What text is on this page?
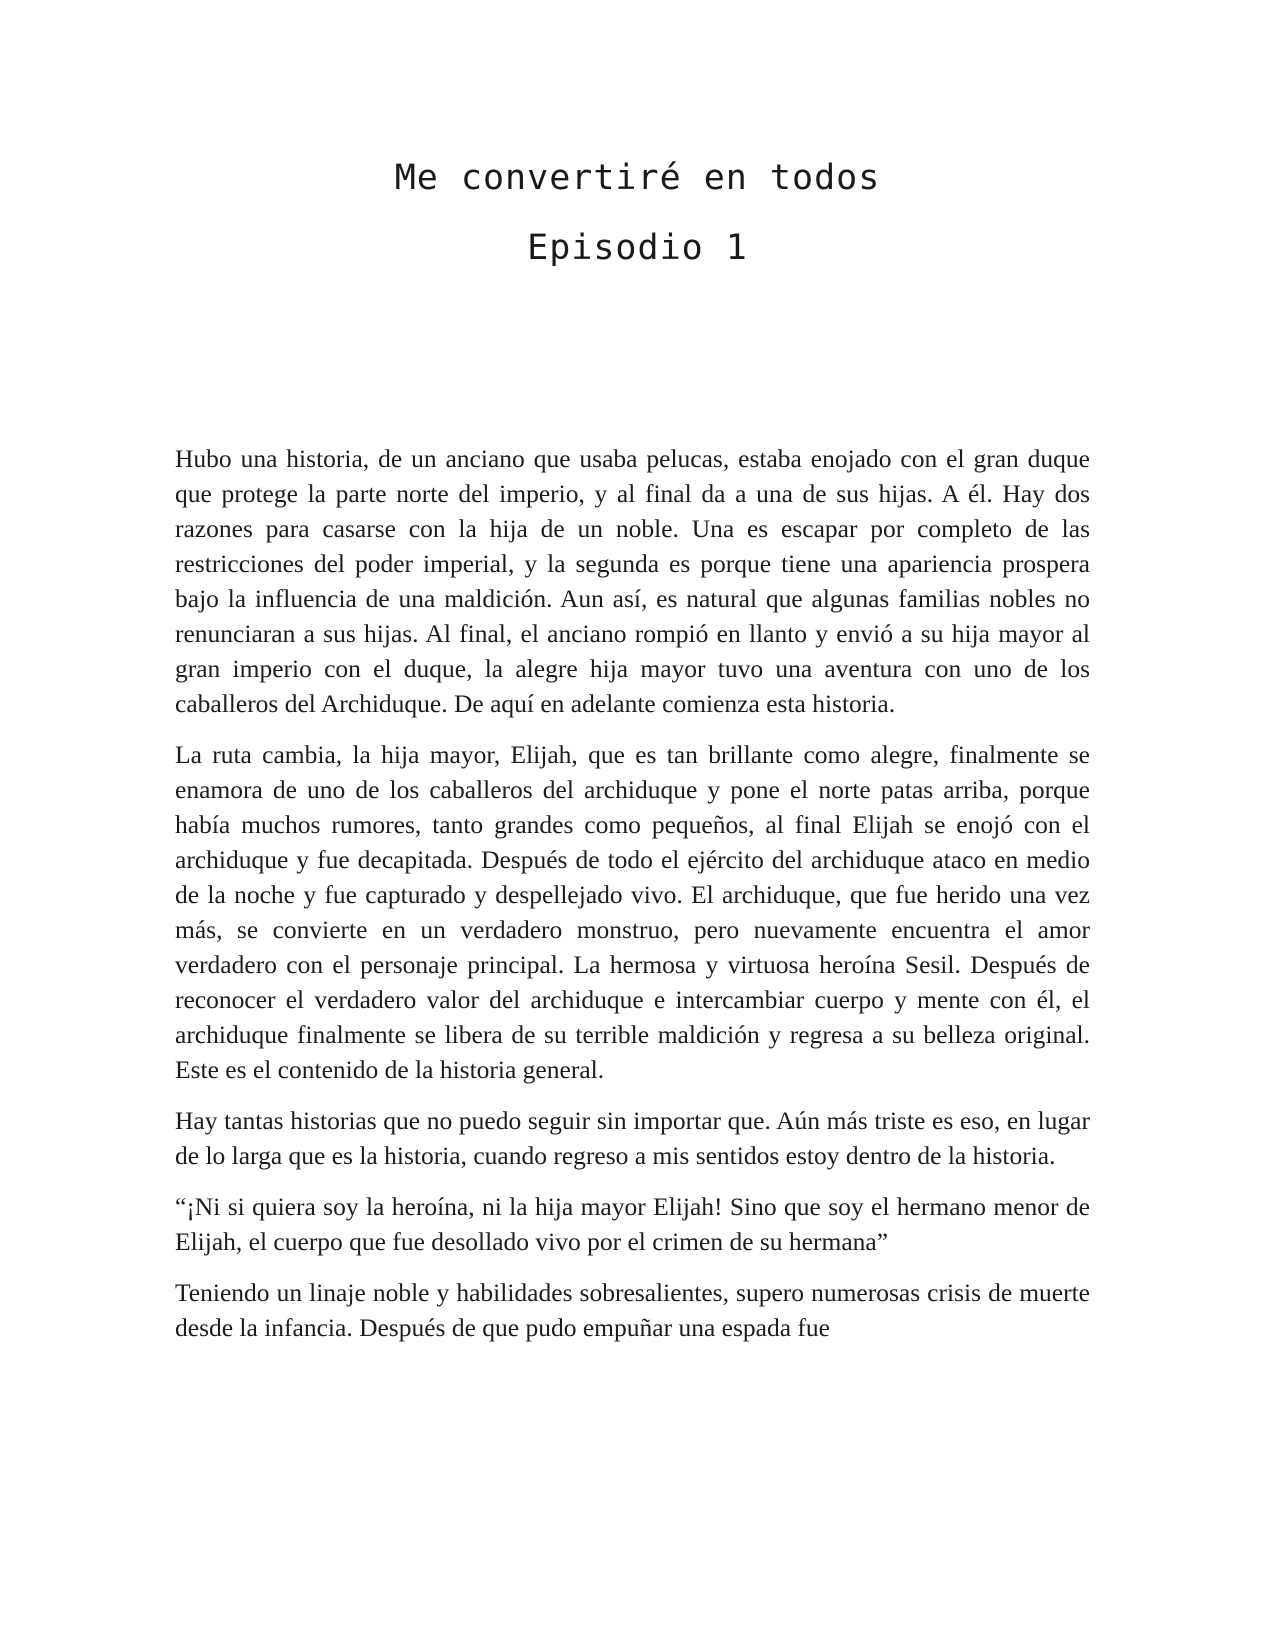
Me convertiré en todos
Episodio 1

Hubo una historia, de un anciano que usaba pelucas, estaba enojado con el gran duque que protege la parte norte del imperio, y al final da a una de sus hijas. A él. Hay dos razones para casarse con la hija de un noble. Una es escapar por completo de las restricciones del poder imperial, y la segunda es porque tiene una apariencia prospera bajo la influencia de una maldición. Aun así, es natural que algunas familias nobles no renunciaran a sus hijas. Al final, el anciano rompió en llanto y envió a su hija mayor al gran imperio con el duque, la alegre hija mayor tuvo una aventura con uno de los caballeros del Archiduque. De aquí en adelante comienza esta historia.

La ruta cambia, la hija mayor, Elijah, que es tan brillante como alegre, finalmente se enamora de uno de los caballeros del archiduque y pone el norte patas arriba, porque había muchos rumores, tanto grandes como pequeños, al final Elijah se enojó con el archiduque y fue decapitada. Después de todo el ejército del archiduque ataco en medio de la noche y fue capturado y despellejado vivo. El archiduque, que fue herido una vez más, se convierte en un verdadero monstruo, pero nuevamente encuentra el amor verdadero con el personaje principal. La hermosa y virtuosa heroína Sesil. Después de reconocer el verdadero valor del archiduque e intercambiar cuerpo y mente con él, el archiduque finalmente se libera de su terrible maldición y regresa a su belleza original. Este es el contenido de la historia general.

Hay tantas historias que no puedo seguir sin importar que. Aún más triste es eso, en lugar de lo larga que es la historia, cuando regreso a mis sentidos estoy dentro de la historia.

“¡Ni si quiera soy la heroína, ni la hija mayor Elijah! Sino que soy el hermano menor de Elijah, el cuerpo que fue desollado vivo por el crimen de su hermana”

Teniendo un linaje noble y habilidades sobresalientes, supero numerosas crisis de muerte desde la infancia. Después de que pudo empuñar una espada fue
